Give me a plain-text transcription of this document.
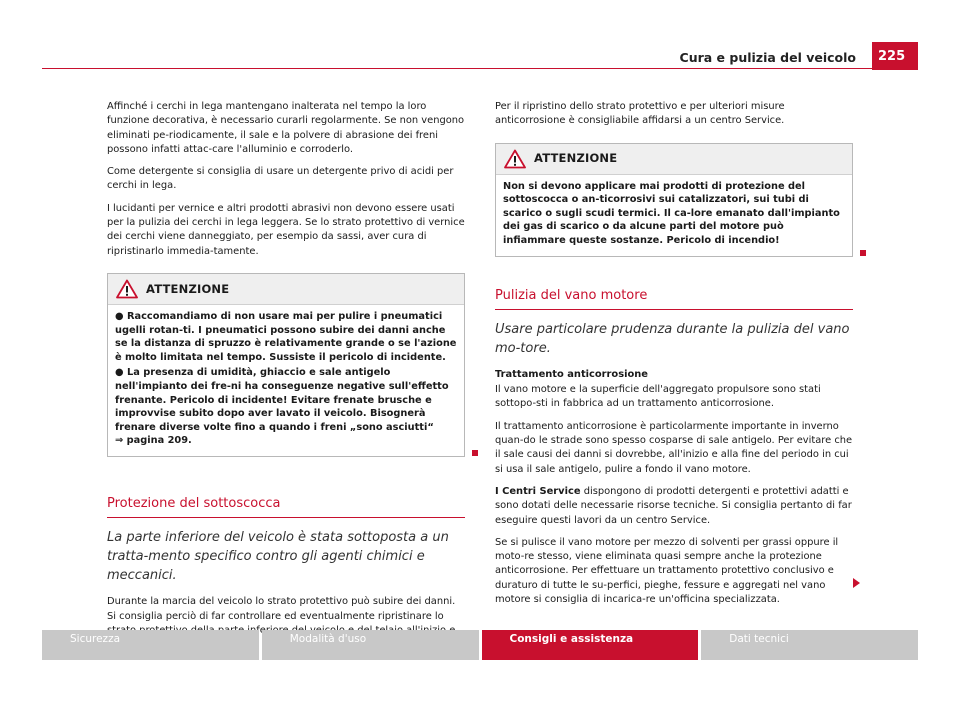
Cura e pulizia del veicolo	225

Affinché i cerchi in lega mantengano inalterata nel tempo la loro funzione decorativa, è necessario curarli regolarmente. Se non vengono eliminati pe-riodicamente, il sale e la polvere di abrasione dei freni possono infatti attac-care l'alluminio e corroderlo.

Come detergente si consiglia di usare un detergente privo di acidi per cerchi in lega.

I lucidanti per vernice e altri prodotti abrasivi non devono essere usati per la pulizia dei cerchi in lega leggera. Se lo strato protettivo di vernice dei cerchi viene danneggiato, per esempio da sassi, aver cura di ripristinarlo immedia-tamente.

ATTENZIONE

● Raccomandiamo di non usare mai per pulire i pneumatici ugelli rotan-ti. I pneumatici possono subire dei danni anche se la distanza di spruzzo è relativamente grande o se l'azione è molto limitata nel tempo. Sussiste il pericolo di incidente.

● La presenza di umidità, ghiaccio e sale antigelo nell'impianto dei fre-ni ha conseguenze negative sull'effetto frenante. Pericolo di incidente! Evitare frenate brusche e improvvise subito dopo aver lavato il veicolo. Bisognerà frenare diverse volte fino a quando i freni „sono asciutti“
⇒ pagina 209.

Protezione del sottoscocca
La parte inferiore del veicolo è stata sottoposta a un tratta-mento specifico contro gli agenti chimici e meccanici.

Durante la marcia del veicolo lo strato protettivo può subire dei danni. Si consiglia perciò di far controllare ed eventualmente ripristinare lo

Per il ripristino dello strato protettivo e per ulteriori misure anticorrosione è consigliabile affidarsi a un centro Service.

ATTENZIONE

Non si devono applicare mai prodotti di protezione del sottoscocca o an-ticorrosivi sui catalizzatori, sui tubi di scarico o sugli scudi termici. Il ca-lore emanato dall'impianto dei gas di scarico o da alcune parti del motore può infiammare queste sostanze. Pericolo di incendio!

Pulizia del vano motore
Usare particolare prudenza durante la pulizia del vano mo-tore.

Trattamento anticorrosione

Il vano motore e la superficie dell'aggregato propulsore sono stati sottopo-sti in fabbrica ad un trattamento anticorrosione.

Il trattamento anticorrosione è particolarmente importante in inverno quan-do le strade sono spesso cosparse di sale antigelo. Per evitare che il sale causi dei danni si dovrebbe, all'inizio e alla fine del periodo in cui si usa il sale antigelo, pulire a fondo il vano motore.

I Centri Service dispongono di prodotti detergenti e protettivi adatti e sono dotati delle necessarie risorse tecniche. Si consiglia pertanto di far eseguire questi lavori da un centro Service.

Se si pulisce il vano motore per mezzo di solventi per grassi oppure il moto-re stesso, viene eliminata quasi sempre anche la protezione anticorrosione. Per effettuare un trattamento protettivo conclusivo e duraturo di tutte le su-perfici, pieghe, fessure e aggregati nel vano motore si consiglia di incarica-re un'officina specializzata.

Sicurezza	Modalità d'uso	Consigli e assistenza	Dati tecnici
